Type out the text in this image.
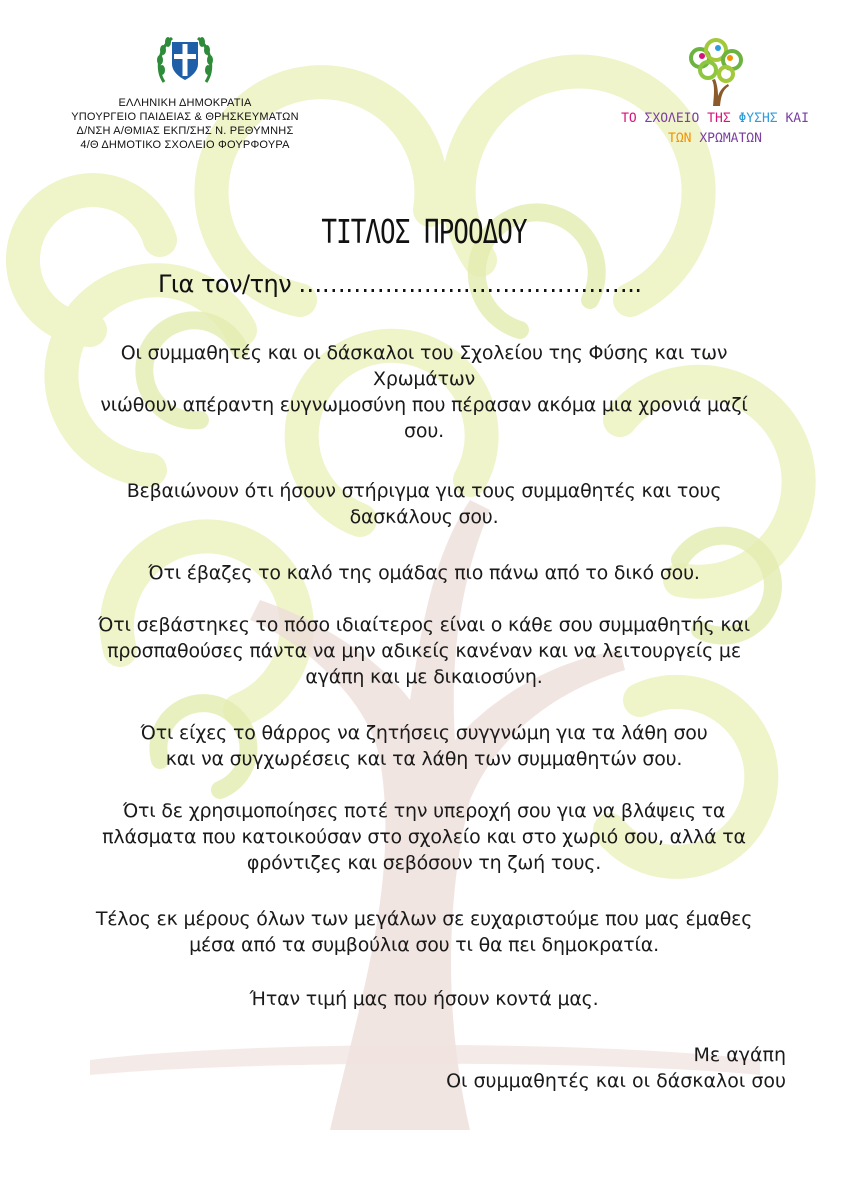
ΕΛΛΗΝΙΚΗ ΔΗΜΟΚΡΑΤΙΑ
ΥΠΟΥΡΓΕΙΟ ΠΑΙΔΕΙΑΣ & ΘΡΗΣΚΕΥΜΑΤΩΝ
Δ/ΝΣΗ Α/ΘΜΙΑΣ ΕΚΠ/ΣΗΣ Ν. ΡΕΘΥΜΝΗΣ
4/Θ ΔΗΜΟΤΙΚΟ ΣΧΟΛΕΙΟ ΦΟΥΡΦΟΥΡΑ
ΤΟ ΣΧΟΛΕΙΟ ΤΗΣ ΦΥΣΗΣ ΚΑΙ
ΤΩΝ ΧΡΩΜΑΤΩΝ
ΤΙΤΛΟΣ ΠΡΟΟΔΟΥ
Για τον/την ……………………………………..
Οι συμμαθητές και οι δάσκαλοι του Σχολείου της Φύσης και των
Χρωμάτων
νιώθουν απέραντη ευγνωμοσύνη που πέρασαν ακόμα μια χρονιά μαζί
σου.
Βεβαιώνουν ότι ήσουν στήριγμα για τους συμμαθητές και τους
δασκάλους σου.
Ότι έβαζες το καλό της ομάδας πιο πάνω από το δικό σου.
Ότι σεβάστηκες το πόσο ιδιαίτερος είναι ο κάθε σου συμμαθητής και
προσπαθούσες πάντα να μην αδικείς κανέναν και να λειτουργείς με
αγάπη και με δικαιοσύνη.
Ότι είχες το θάρρος να ζητήσεις συγγνώμη για τα λάθη σου
και να συγχωρέσεις και τα λάθη των συμμαθητών σου.
Ότι δε χρησιμοποίησες ποτέ την υπεροχή σου για να βλάψεις τα
πλάσματα που κατοικούσαν στο σχολείο και στο χωριό σου, αλλά τα
φρόντιζες και σεβόσουν τη ζωή τους.
Τέλος εκ μέρους όλων των μεγάλων σε ευχαριστούμε που μας έμαθες
μέσα από τα συμβούλια σου τι θα πει δημοκρατία.
Ήταν τιμή μας που ήσουν κοντά μας.
Με αγάπη
Οι συμμαθητές και οι δάσκαλοι σου
